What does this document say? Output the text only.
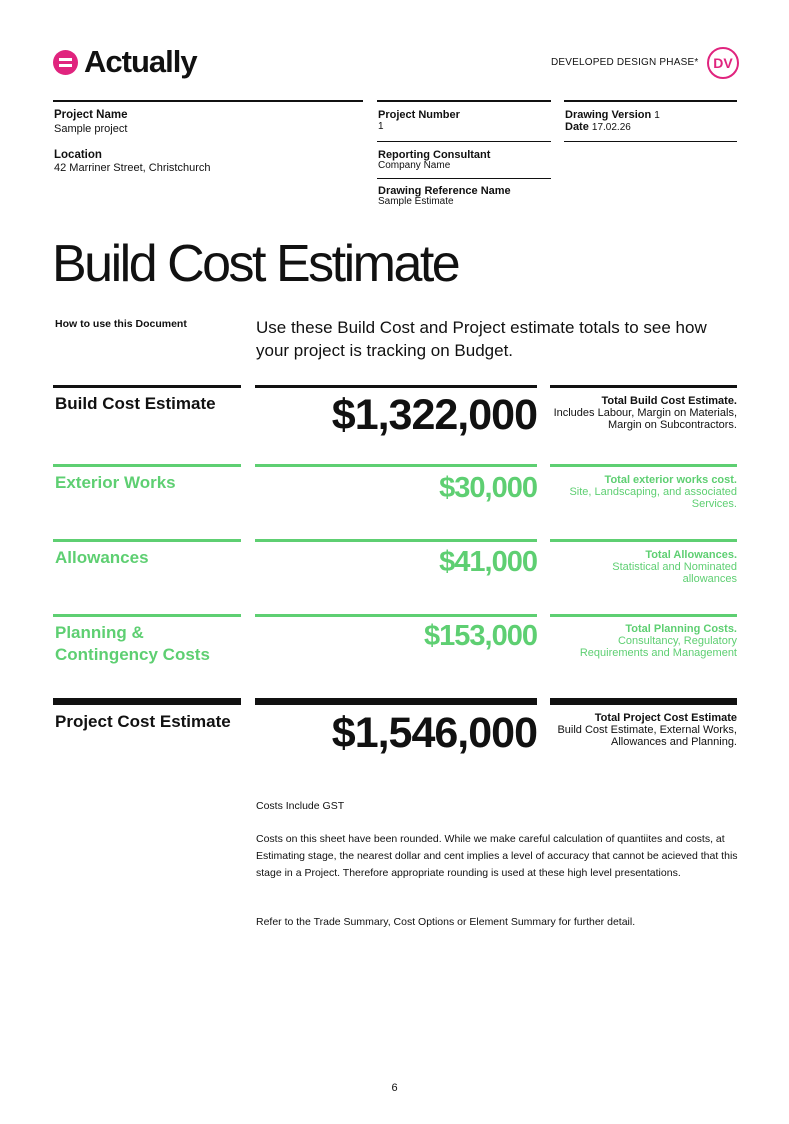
Actually	DEVELOPED DESIGN PHASE*	DV
Project Name
Sample project
Location
42 Marriner Street, Christchurch
Project Number
1
Reporting Consultant
Company Name
Drawing Reference Name
Sample Estimate
Drawing Version 1
Date 17.02.26
Build Cost Estimate
How to use this Document	Use these Build Cost and Project estimate totals to see how your project is tracking on Budget.
Build Cost Estimate	$1,322,000	Total Build Cost Estimate.
Includes Labour, Margin on Materials, Margin on Subcontractors.
Exterior Works	$30,000	Total exterior works cost.
Site, Landscaping, and associated Services.
Allowances	$41,000	Total Allowances.
Statistical and Nominated allowances
Planning &
Contingency Costs
$153,000	Total Planning Costs.
Consultancy, Regulatory Requirements and Management
Project Cost Estimate	$1,546,000	Total Project Cost Estimate
Build Cost Estimate, External Works, Allowances and Planning.
Costs Include GST
Costs on this sheet have been rounded. While we make careful calculation of quantiites and costs, at Estimating stage, the nearest dollar and cent implies a level of accuracy that cannot be acieved that this stage in a Project. Therefore appropriate rounding is used at these high level presentations.
Refer to the Trade Summary, Cost Options or Element Summary for further detail.
6
